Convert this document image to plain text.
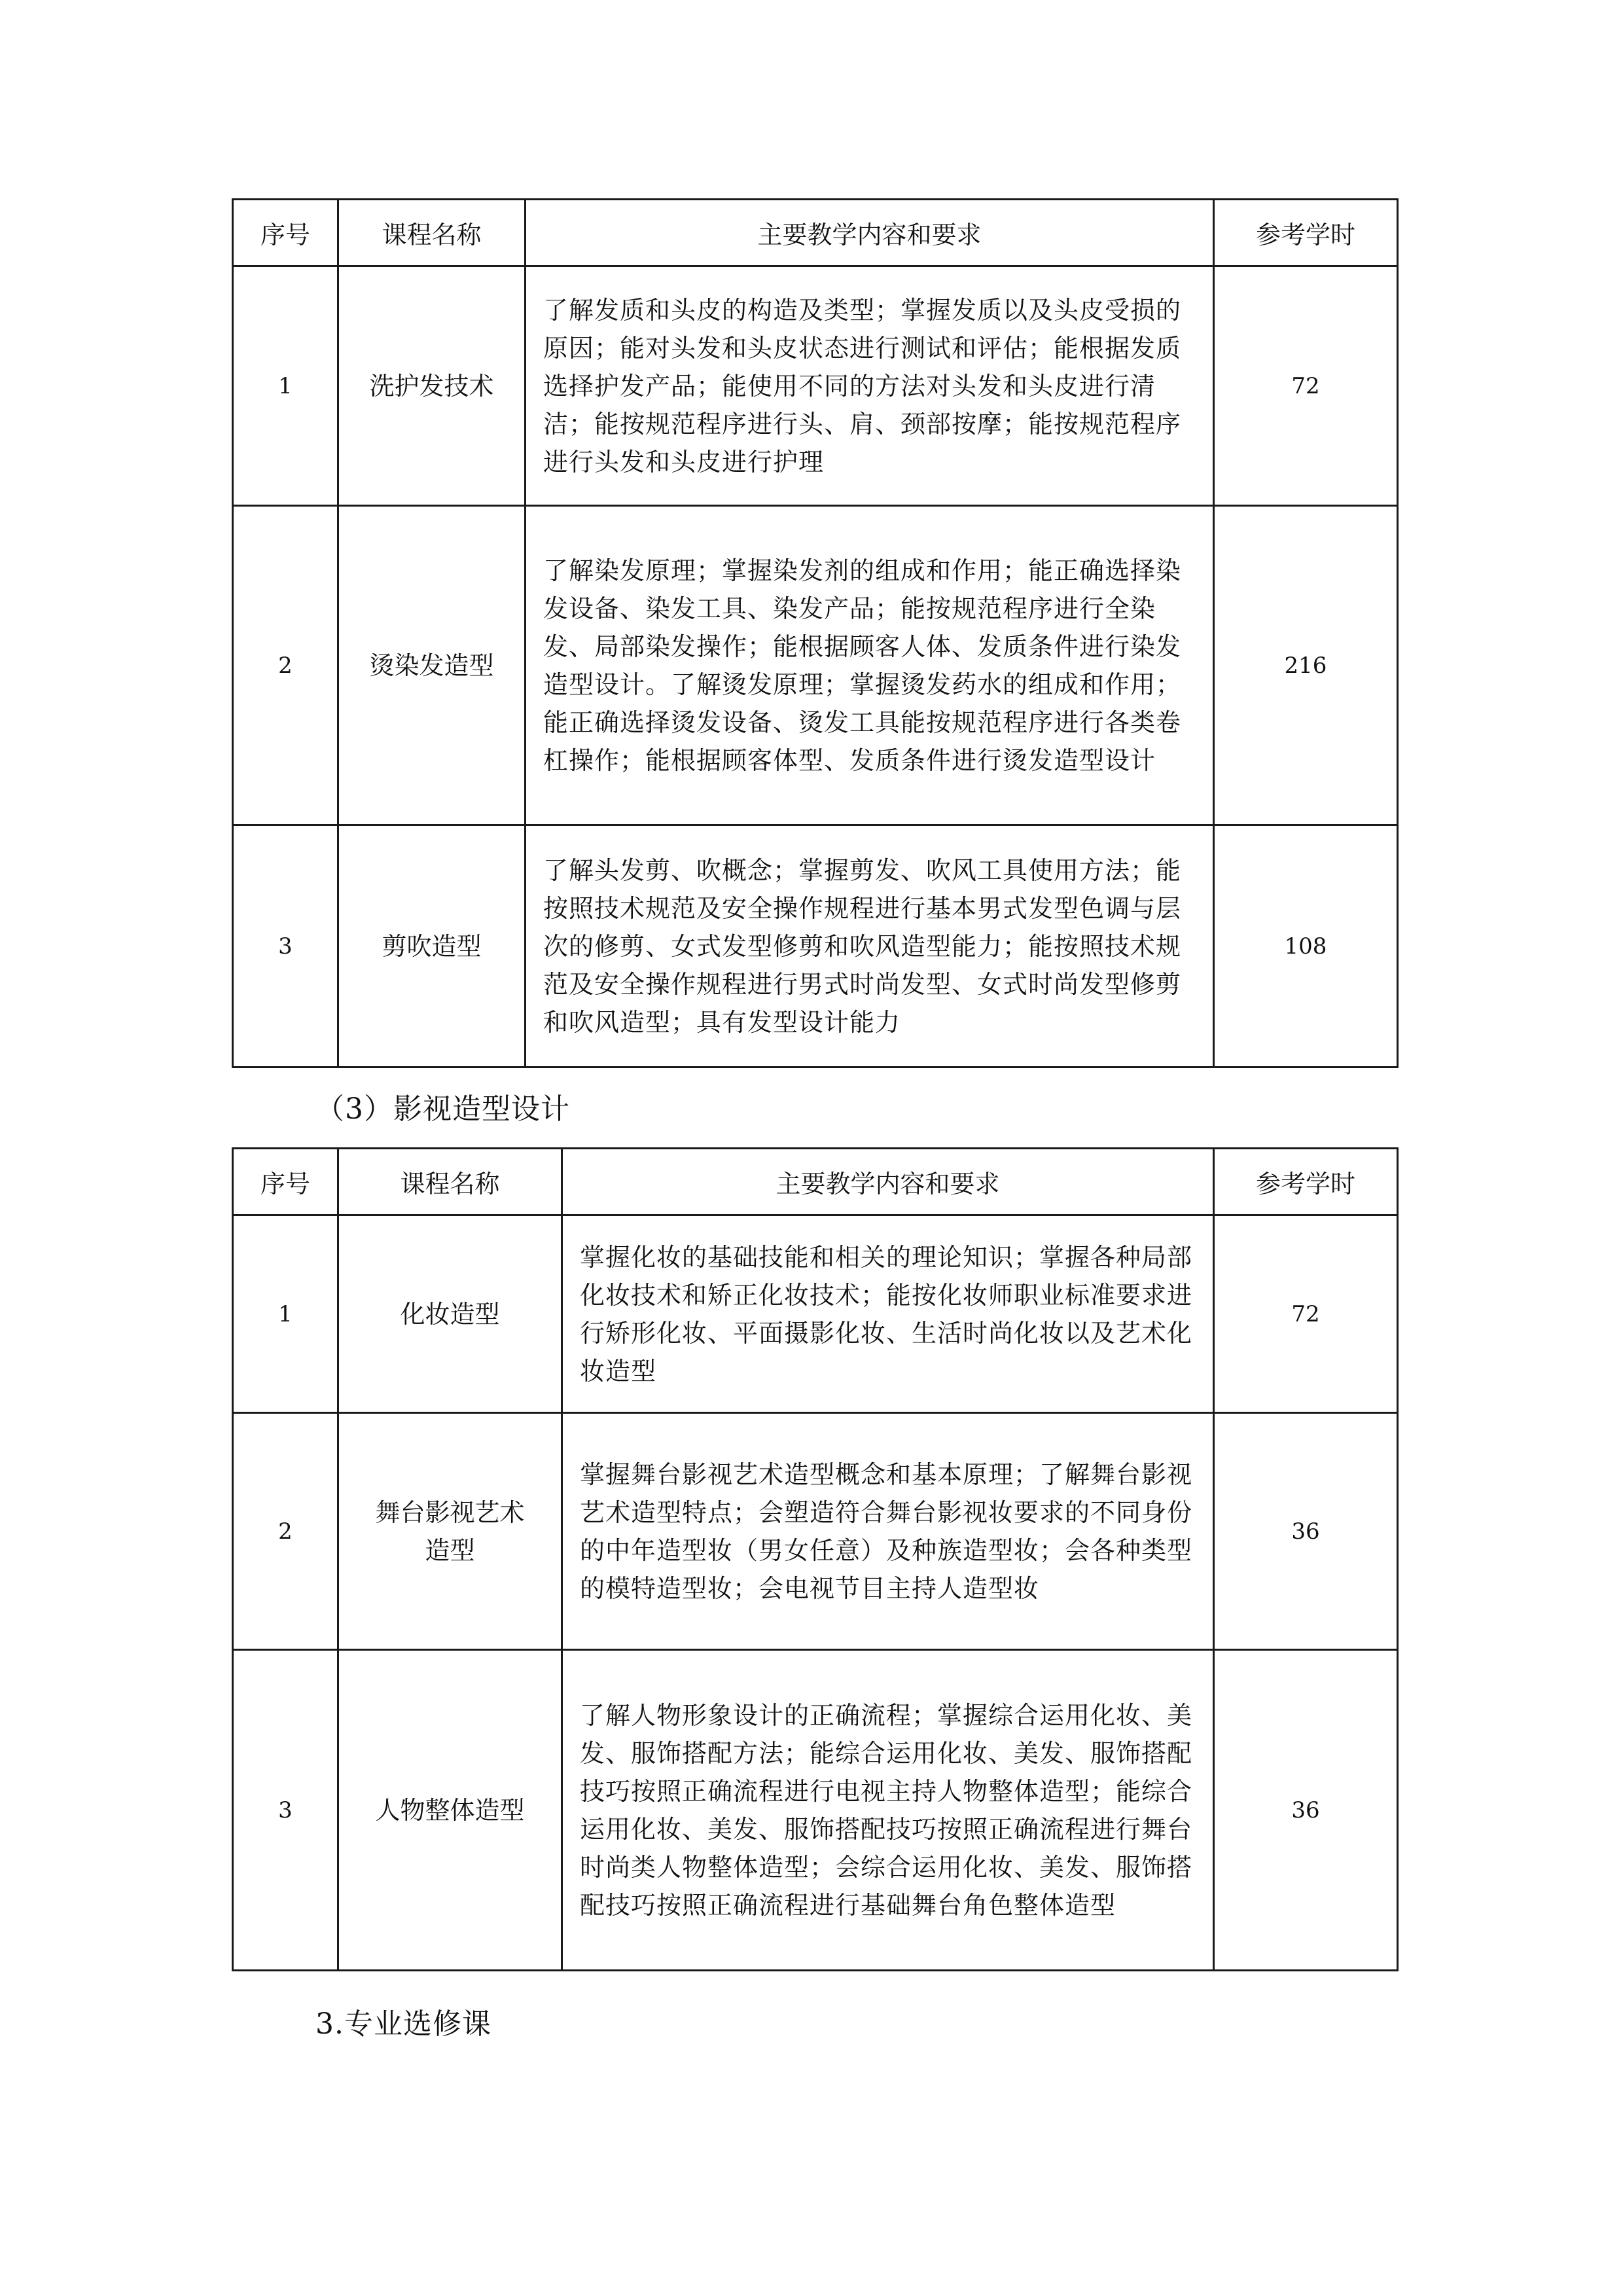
序号	课程名称	主要教学内容和要求	参考学时
1	洗护发技术	了解发质和头皮的构造及类型；掌握发质以及头皮受损的原因；能对头发和头皮状态进行测试和评估；能根据发质选择护发产品；能使用不同的方法对头发和头皮进行清洁；能按规范程序进行头、肩、颈部按摩；能按规范程序进行头发和头皮进行护理	72
2	烫染发造型	了解染发原理；掌握染发剂的组成和作用；能正确选择染发设备、染发工具、染发产品；能按规范程序进行全染发、局部染发操作；能根据顾客人体、发质条件进行染发造型设计。了解烫发原理；掌握烫发药水的组成和作用；能正确选择烫发设备、烫发工具能按规范程序进行各类卷杠操作；能根据顾客体型、发质条件进行烫发造型设计	216
3	剪吹造型	了解头发剪、吹概念；掌握剪发、吹风工具使用方法；能按照技术规范及安全操作规程进行基本男式发型色调与层次的修剪、女式发型修剪和吹风造型能力；能按照技术规范及安全操作规程进行男式时尚发型、女式时尚发型修剪和吹风造型；具有发型设计能力	108
（3）影视造型设计
序号	课程名称	主要教学内容和要求	参考学时
1	化妆造型	掌握化妆的基础技能和相关的理论知识；掌握各种局部化妆技术和矫正化妆技术；能按化妆师职业标准要求进行矫形化妆、平面摄影化妆、生活时尚化妆以及艺术化妆造型	72
2	舞台影视艺术造型	掌握舞台影视艺术造型概念和基本原理；了解舞台影视艺术造型特点；会塑造符合舞台影视妆要求的不同身份的中年造型妆（男女任意）及种族造型妆；会各种类型的模特造型妆；会电视节目主持人造型妆	36
3	人物整体造型	了解人物形象设计的正确流程；掌握综合运用化妆、美发、服饰搭配方法；能综合运用化妆、美发、服饰搭配技巧按照正确流程进行电视主持人物整体造型；能综合运用化妆、美发、服饰搭配技巧按照正确流程进行舞台时尚类人物整体造型；会综合运用化妆、美发、服饰搭配技巧按照正确流程进行基础舞台角色整体造型	36
3.专业选修课
